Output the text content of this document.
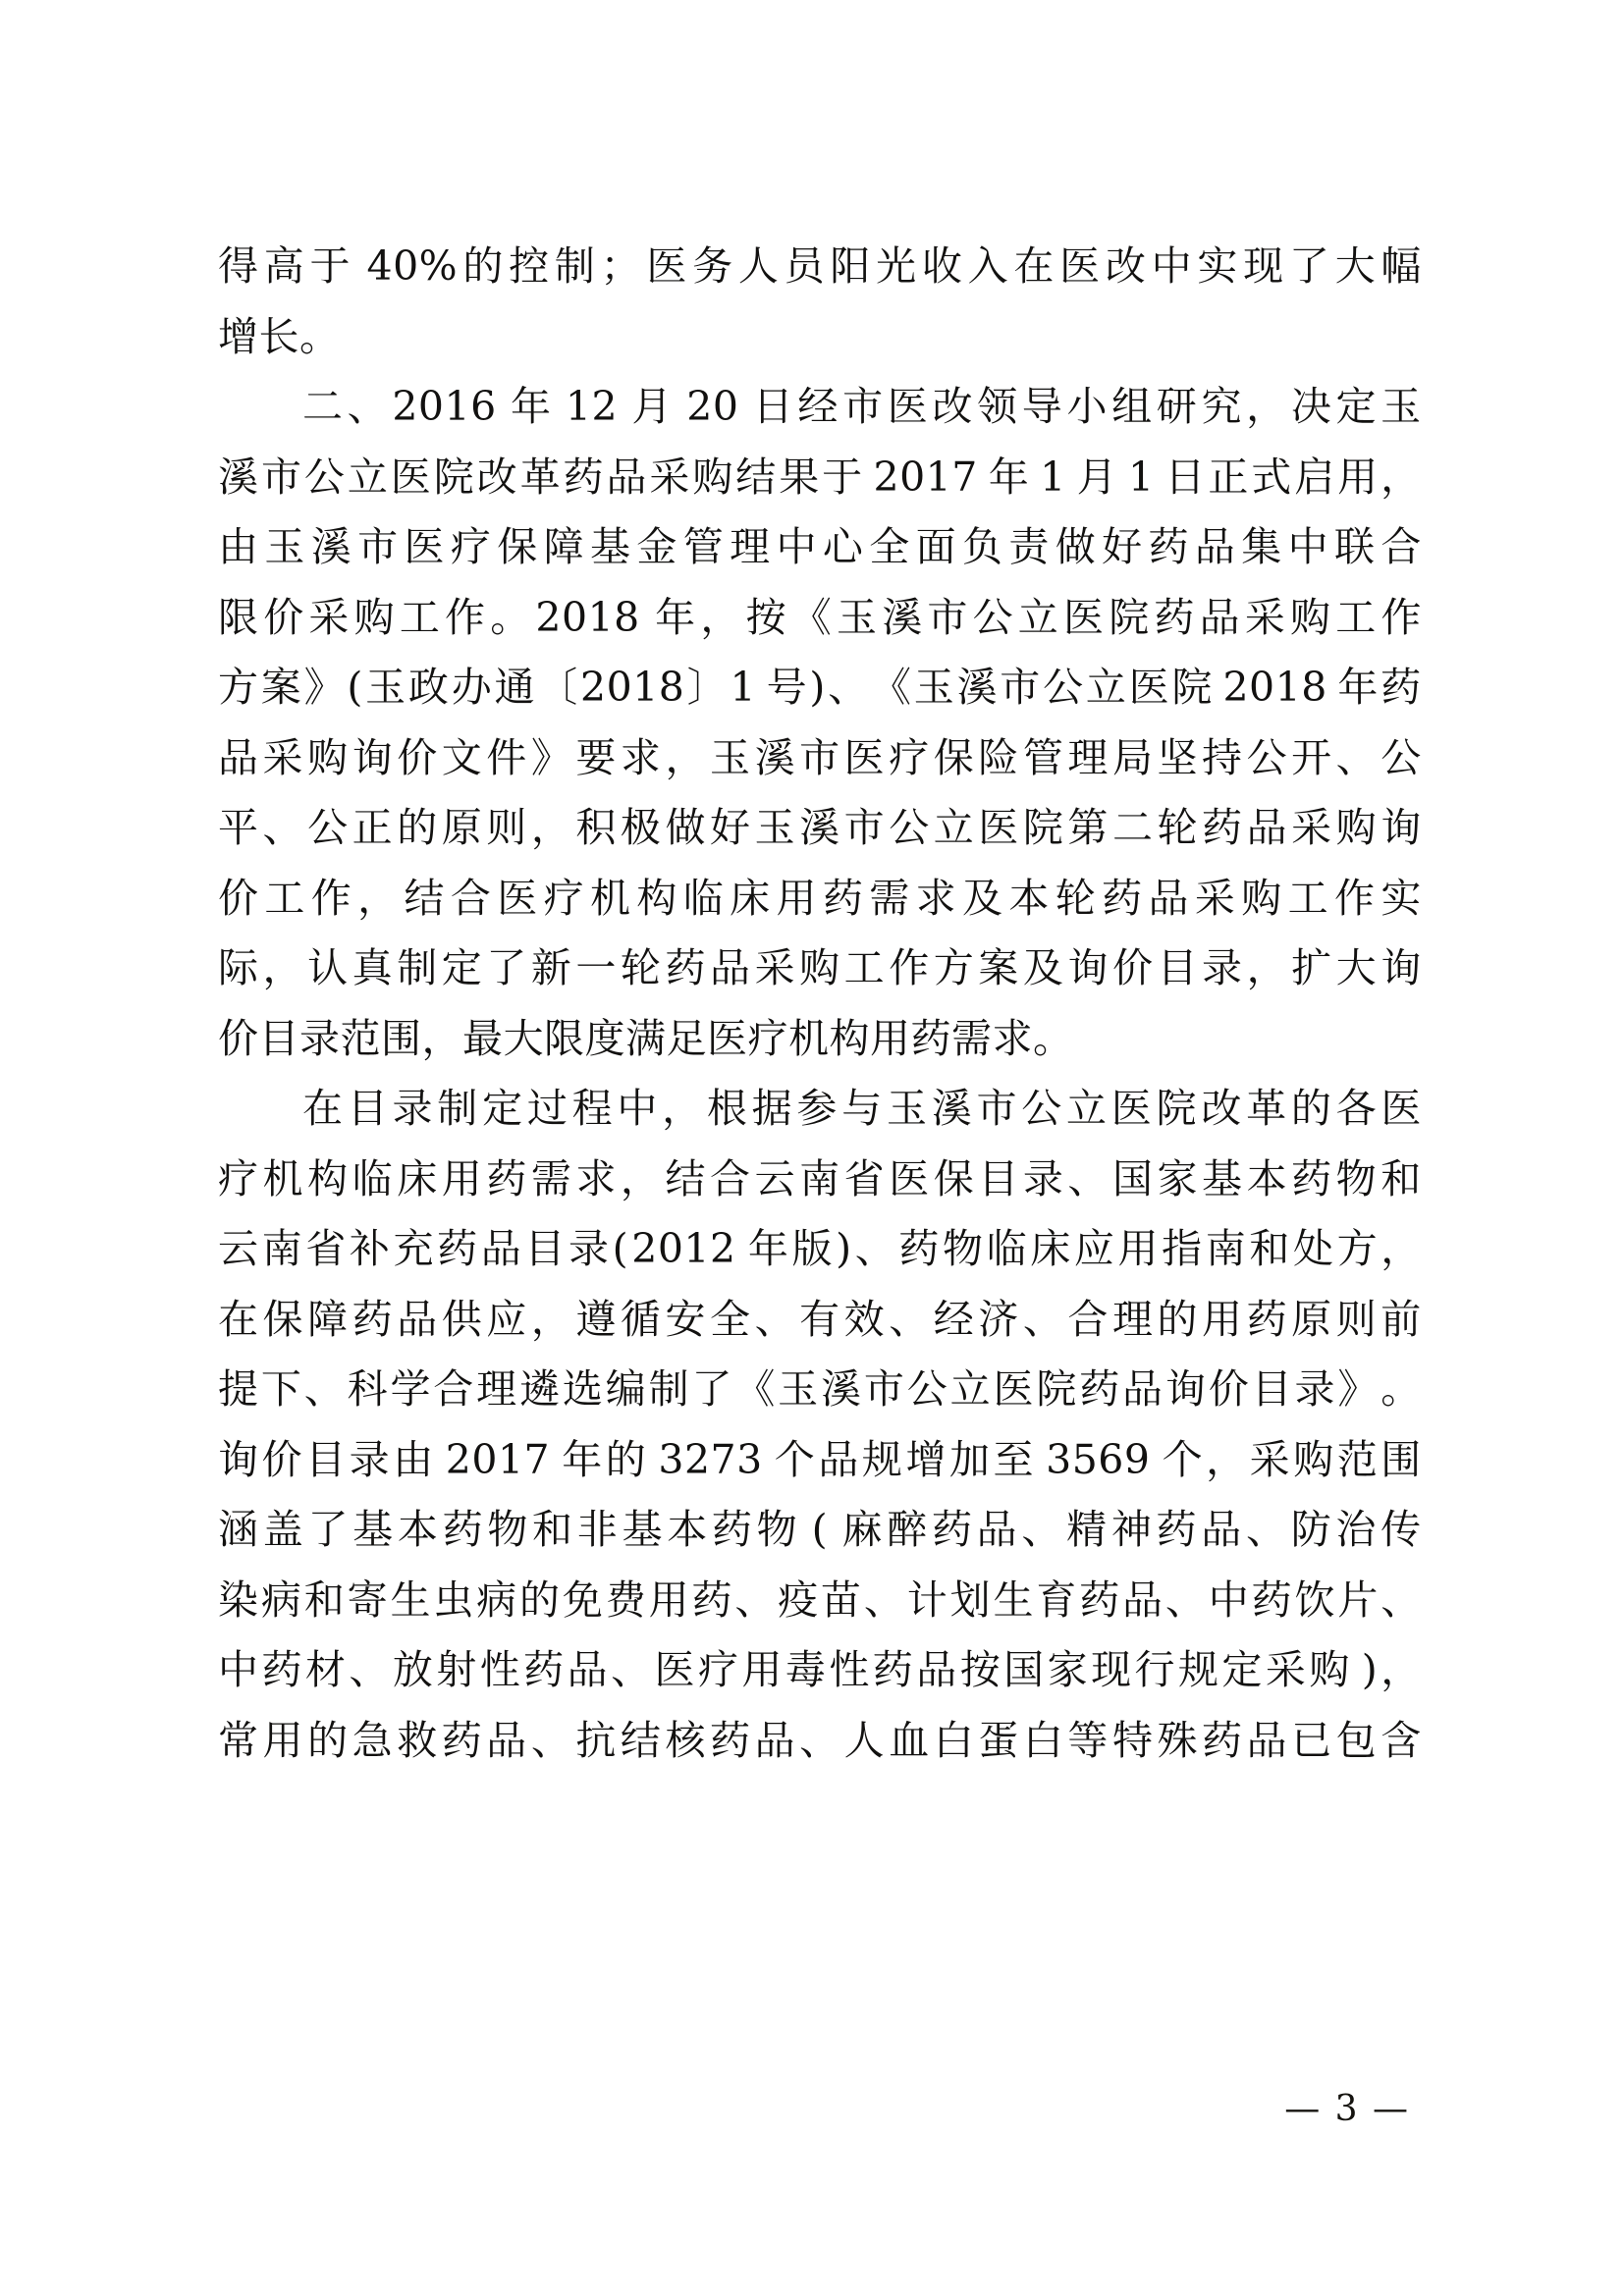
得 高 于 40% 的 控 制 ； 医 务 人 员 阳 光 收 入 在 医 改 中 实 现 了 大 幅
增长。
二 、 2016 年 12 月 20 日 经 市 医 改 领 导 小 组 研 究 ， 决 定 玉
溪 市 公 立 医 院 改 革 药 品 采 购 结 果 于 2017 年 1 月 1 日 正 式 启 用 ，
由 玉 溪 市 医 疗 保 障 基 金 管 理 中 心 全 面 负 责 做 好 药 品 集 中 联 合
限 价 采 购 工 作 。 2018 年 ， 按 《 玉 溪 市 公 立 医 院 药 品 采 购 工 作
方 案 》 ( 玉 政 办 通 〔 2018 〕 1 号 ) 、 《 玉 溪 市 公 立 医 院 2018 年 药
品 采 购 询 价 文 件 》 要 求 ， 玉 溪 市 医 疗 保 险 管 理 局 坚 持 公 开 、 公
平 、 公 正 的 原 则 ， 积 极 做 好 玉 溪 市 公 立 医 院 第 二 轮 药 品 采 购 询
价 工 作 ， 结 合 医 疗 机 构 临 床 用 药 需 求 及 本 轮 药 品 采 购 工 作 实
际 ， 认 真 制 定 了 新 一 轮 药 品 采 购 工 作 方 案 及 询 价 目 录 ， 扩 大 询
价目录范围，最大限度满足医疗机构用药需求。
在 目 录 制 定 过 程 中 ， 根 据 参 与 玉 溪 市 公 立 医 院 改 革 的 各 医
疗 机 构 临 床 用 药 需 求 ， 结 合 云 南 省 医 保 目 录 、 国 家 基 本 药 物 和
云 南 省 补 充 药 品 目 录 ( 2012 年 版 ) 、 药 物 临 床 应 用 指 南 和 处 方 ，
在 保 障 药 品 供 应 ， 遵 循 安 全 、 有 效 、 经 济 、 合 理 的 用 药 原 则 前
提 下 、 科 学 合 理 遴 选 编 制 了 《 玉 溪 市 公 立 医 院 药 品 询 价 目 录 》 。
询 价 目 录 由 2017 年 的 3273 个 品 规 增 加 至 3569 个 ， 采 购 范 围
涵 盖 了 基 本 药 物 和 非 基 本 药 物 ( 麻 醉 药 品 、 精 神 药 品 、 防 治 传
染 病 和 寄 生 虫 病 的 免 费 用 药 、 疫 苗 、 计 划 生 育 药 品 、 中 药 饮 片 、
中 药 材 、 放 射 性 药 品 、 医 疗 用 毒 性 药 品 按 国 家 现 行 规 定 采 购 ) ，
常 用 的 急 救 药 品 、 抗 结 核 药 品 、 人 血 白 蛋 白 等 特 殊 药 品 已 包 含
— 3 —
